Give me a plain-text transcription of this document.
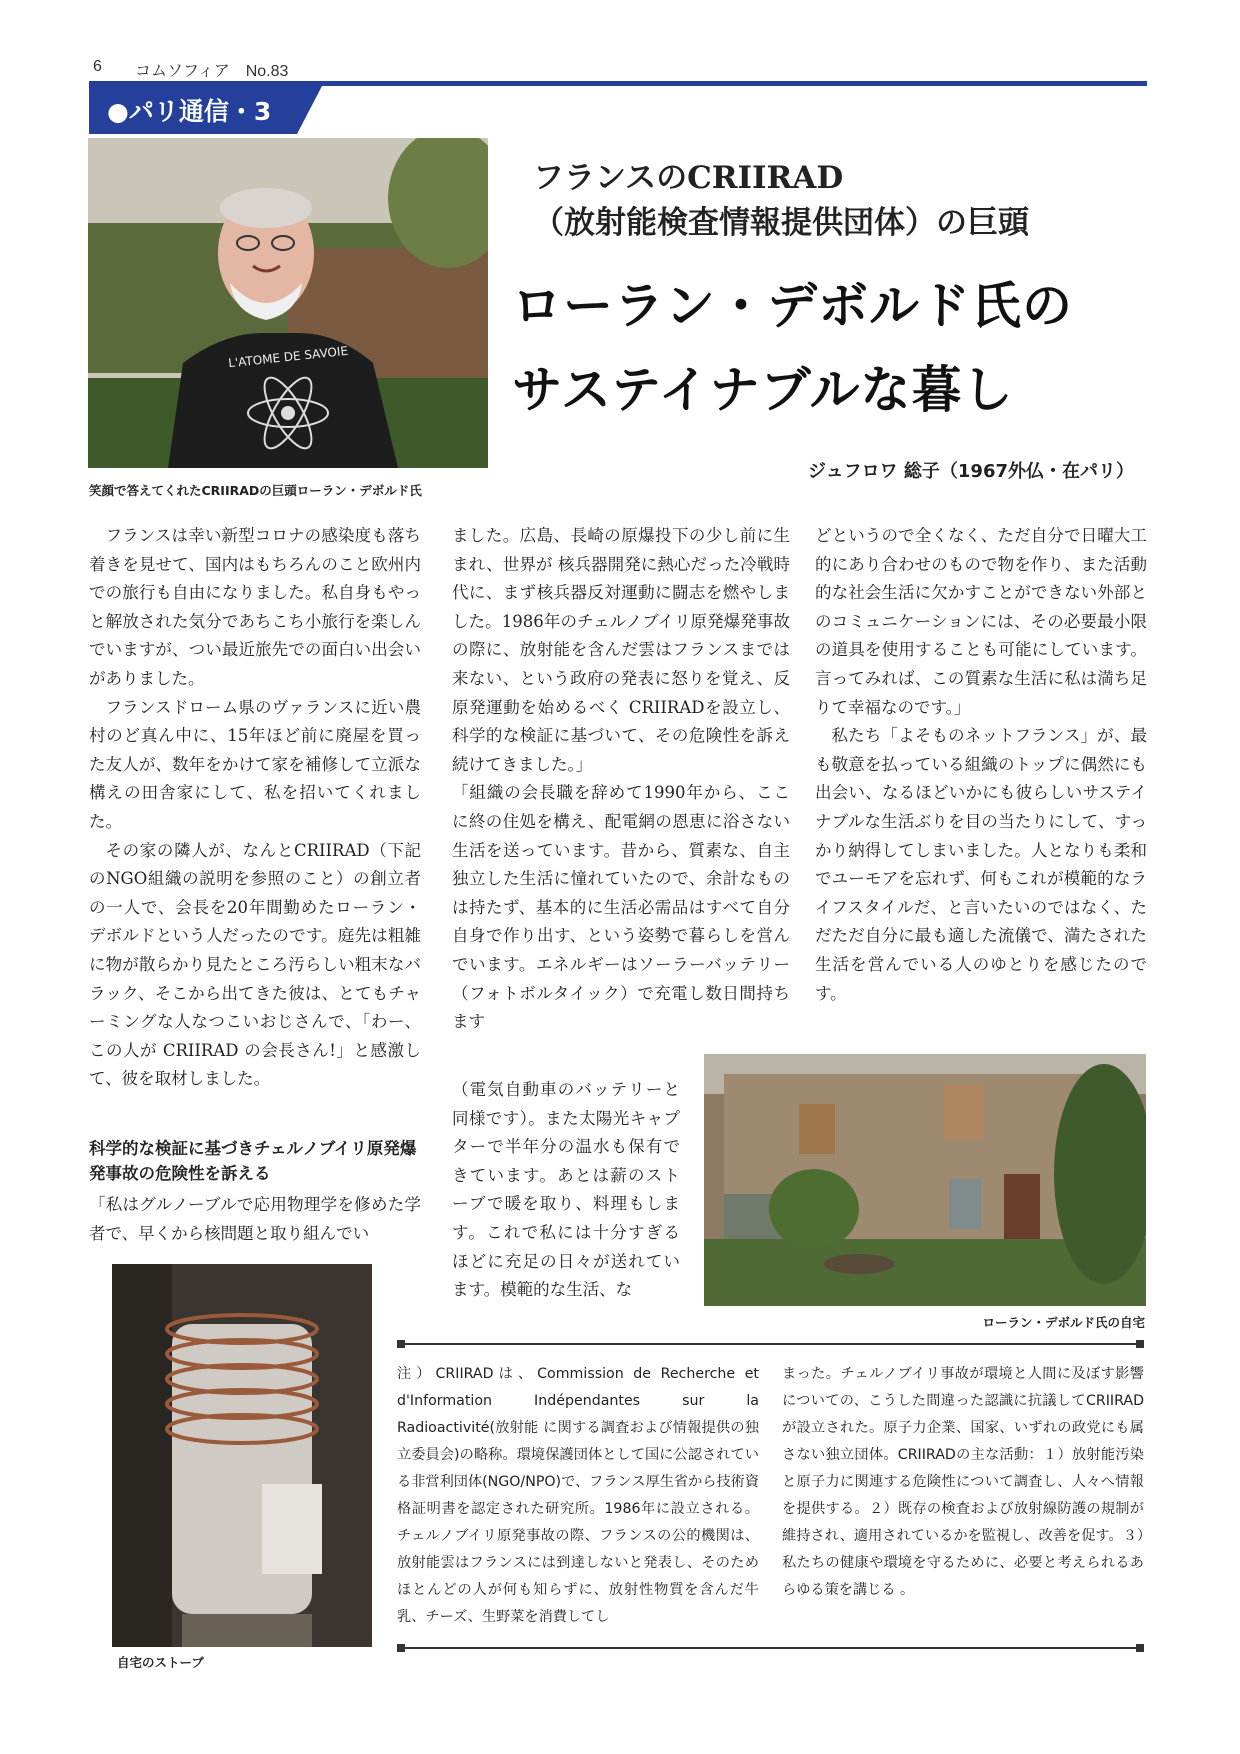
6 コムソフィア　No.83
●パリ通信・3
L'ATOME DE SAVOIE
笑顔で答えてくれたCRIIRADの巨頭ローラン・デボルド氏
フランスのCRIIRAD
（放射能検査情報提供団体）の巨頭
ローラン・デボルド氏の
サステイナブルな暮し
ジュフロワ 総子（1967外仏・在パリ）

フランスは幸い新型コロナの感染度も落ち着きを見せて、国内はもちろんのこと欧州内での旅行も自由になりました。私自身もやっと解放された気分であちこち小旅行を楽しんでいますが、つい最近旅先での面白い出会いがありました。

フランスドローム県のヴァランスに近い農村のど真ん中に、15年ほど前に廃屋を買った友人が、数年をかけて家を補修して立派な構えの田舎家にして、私を招いてくれました。

その家の隣人が、なんとCRIIRAD（下記のNGO組織の説明を参照のこと）の創立者の一人で、会長を20年間勤めたローラン・デボルドという人だったのです。庭先は粗雑に物が散らかり見たところ汚らしい粗末なバラック、そこから出てきた彼は、とてもチャーミングな人なつこいおじさんで、「わー、この人が CRIIRAD の会長さん!」と感激して、彼を取材しました。

科学的な検証に基づきチェルノブイリ原発爆発事故の危険性を訴える

「私はグルノーブルで応用物理学を修めた学者で、早くから核問題と取り組んでい

自宅のストーブ

ました。広島、長崎の原爆投下の少し前に生まれ、世界が 核兵器開発に熱心だった冷戦時代に、まず核兵器反対運動に闘志を燃やしました。1986年のチェルノブイリ原発爆発事故の際に、放射能を含んだ雲はフランスまでは来ない、という政府の発表に怒りを覚え、反原発運動を始めるべく CRIIRADを設立し、科学的な検証に基づいて、その危険性を訴え続けてきました。」

「組織の会長職を辞めて1990年から、ここに終の住処を構え、配電網の恩恵に浴さない生活を送っています。昔から、質素な、自主独立した生活に憧れていたので、余計なものは持たず、基本的に生活必需品はすべて自分自身で作り出す、という姿勢で暮らしを営んでいます。エネルギーはソーラーバッテリー（フォトボルタイック）で充電し数日間持ちます

（電気自動車のバッテリーと同様です）。また太陽光キャプターで半年分の温水も保有できています。あとは薪のストーブで暖を取り、料理もします。これで私には十分すぎるほどに充足の日々が送れています。模範的な生活、な

どというので全くなく、ただ自分で日曜大工的にあり合わせのもので物を作り、また活動的な社会生活に欠かすことができない外部とのコミュニケーションには、その必要最小限の道具を使用することも可能にしています。言ってみれば、この質素な生活に私は満ち足りて幸福なのです。」

私たち「よそものネットフランス」が、最も敬意を払っている組織のトップに偶然にも出会い、なるほどいかにも彼らしいサステイナブルな生活ぶりを目の当たりにして、すっかり納得してしまいました。人となりも柔和でユーモアを忘れず、何もこれが模範的なライフスタイルだ、と言いたいのではなく、ただただ自分に最も適した流儀で、満たされた生活を営んでいる人のゆとりを感じたのです。

ローラン・デボルド氏の自宅
注）CRIIRADは、Commission de Recherche et d'Information Indépendantes sur la Radioactivité(放射能 に関する調査および情報提供の独立委員会)の略称。環境保護団体として国に公認されている非営利団体(NGO/NPO)で、フランス厚生省から技術資格証明書を認定された研究所。1986年に設立される。チェルノブイリ原発事故の際、フランスの公的機関は、放射能雲はフランスには到達しないと発表し、そのためほとんどの人が何も知らずに、放射性物質を含んだ牛乳、チーズ、生野菜を消費してし
まった。チェルノブイリ事故が環境と人間に及ぼす影響についての、こうした間違った認識に抗議してCRIIRADが設立された。原子力企業、国家、いずれの政党にも属さない独立団体。CRIIRADの主な活動：１）放射能汚染と原子力に関連する危険性について調査し、人々へ情報を提供する。２）既存の検査および放射線防護の規制が維持され、適用されているかを監視し、改善を促す。３）私たちの健康や環境を守るために、必要と考えられるあらゆる策を講じる 。
